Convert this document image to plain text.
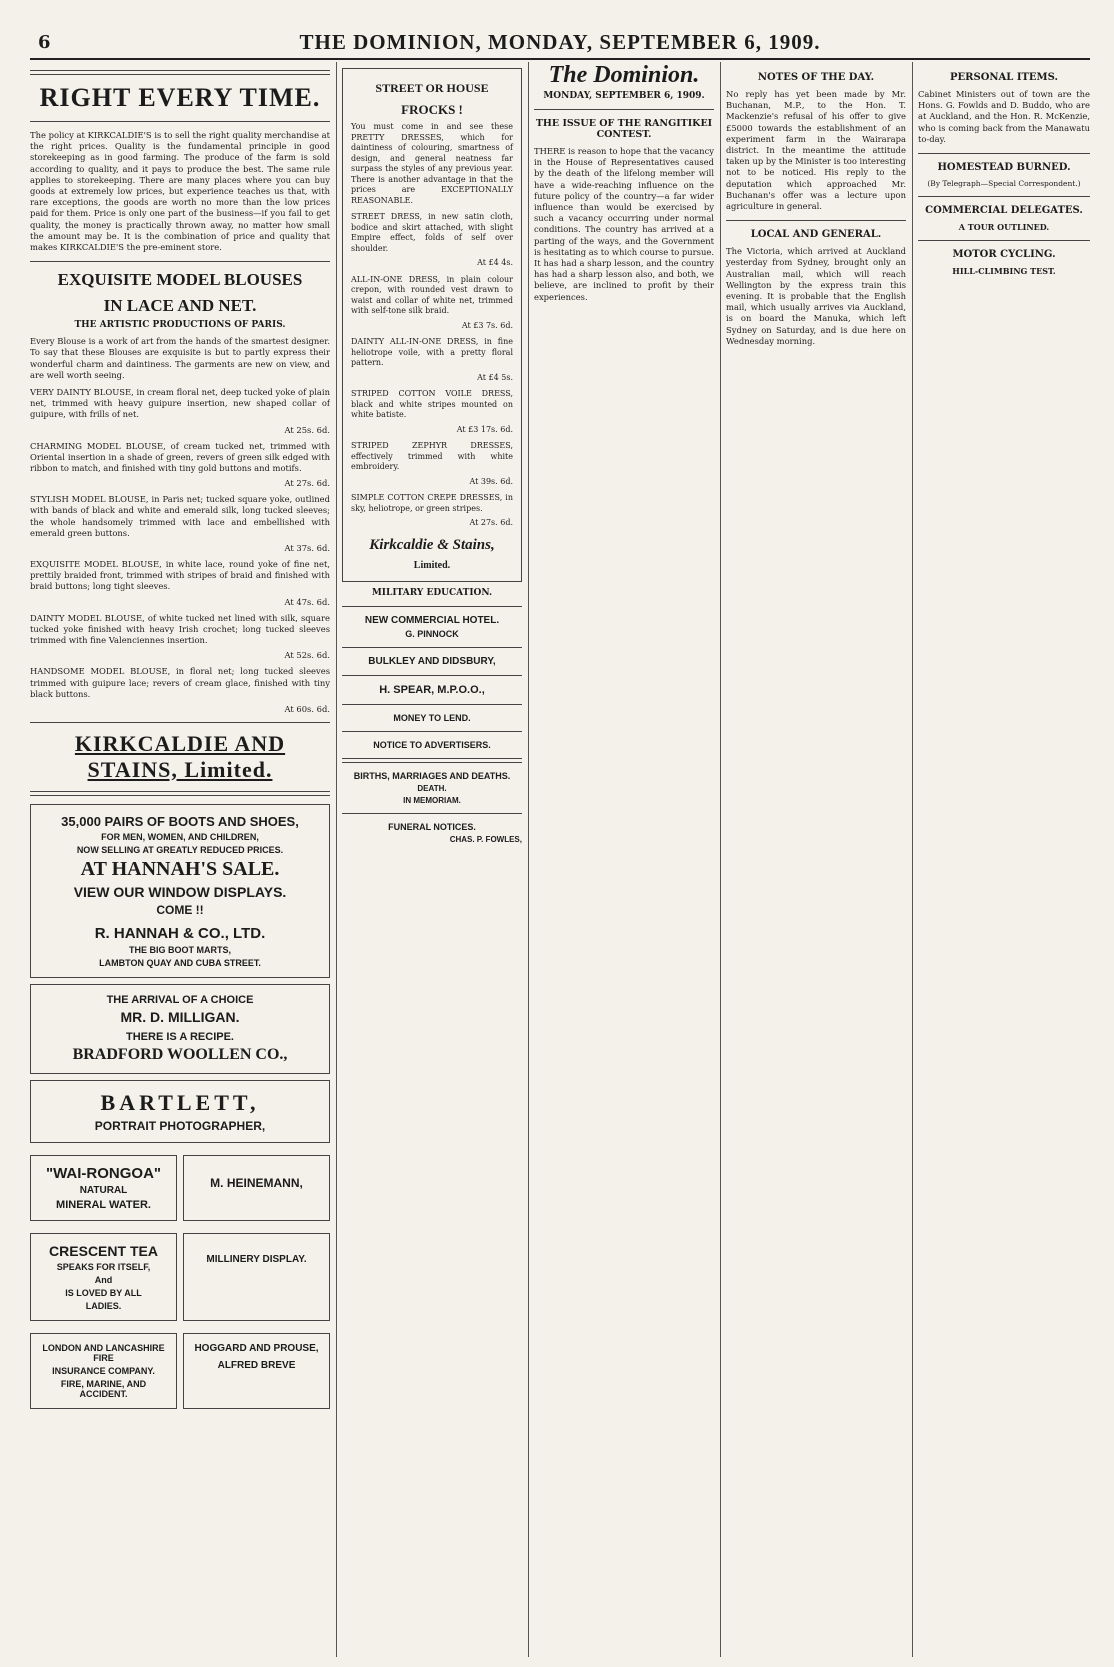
6	THE DOMINION, MONDAY, SEPTEMBER 6, 1909.
RIGHT EVERY TIME.

The policy at KIRKCALDIE'S is to sell the right quality merchandise at the right prices. Quality is the fundamental principle in good storekeeping as in good farming. The produce of the farm is sold according to quality, and it pays to produce the best. The same rule applies to storekeeping. There are many places where you can buy goods at extremely low prices, but experience teaches us that, with rare exceptions, the goods are worth no more than the low prices paid for them. Price is only one part of the business—if you fail to get quality, the money is practically thrown away, no matter how small the amount may be. It is the combination of price and quality that makes KIRKCALDIE'S the pre-eminent store.

EXQUISITE MODEL BLOUSES
IN LACE AND NET.
THE ARTISTIC PRODUCTIONS OF PARIS.

Every Blouse is a work of art from the hands of the smartest designer. To say that these Blouses are exquisite is but to partly express their wonderful charm and daintiness. The garments are new on view, and are well worth seeing.

VERY DAINTY BLOUSE, in cream floral net, deep tucked yoke of plain net, trimmed with heavy guipure insertion, new shaped collar of guipure, with frills of net.

At 25s. 6d.

CHARMING MODEL BLOUSE, of cream tucked net, trimmed with Oriental insertion in a shade of green, revers of green silk edged with ribbon to match, and finished with tiny gold buttons and motifs.

At 27s. 6d.

STYLISH MODEL BLOUSE, in Paris net; tucked square yoke, outlined with bands of black and white and emerald silk, long tucked sleeves; the whole handsomely trimmed with lace and embellished with emerald green buttons.

At 37s. 6d.

EXQUISITE MODEL BLOUSE, in white lace, round yoke of fine net, prettily braided front, trimmed with stripes of braid and finished with braid buttons; long tight sleeves.

At 47s. 6d.

DAINTY MODEL BLOUSE, of white tucked net lined with silk, square tucked yoke finished with heavy Irish crochet; long tucked sleeves trimmed with fine Valenciennes insertion.

At 52s. 6d.

HANDSOME MODEL BLOUSE, in floral net; long tucked sleeves trimmed with guipure lace; revers of cream glace, finished with tiny black buttons.

At 60s. 6d.
KIRKCALDIE AND STAINS, Limited.
35,000 PAIRS OF BOOTS AND SHOES,
FOR MEN, WOMEN, AND CHILDREN,
NOW SELLING AT GREATLY REDUCED PRICES.
AT HANNAH'S SALE.
VIEW OUR WINDOW DISPLAYS.
COME !!
R. HANNAH & CO., LTD.
THE BIG BOOT MARTS,
LAMBTON QUAY AND CUBA STREET.
THE ARRIVAL OF A CHOICE
MR. D. MILLIGAN.
THERE IS A RECIPE.
BRADFORD WOOLLEN CO.,
BARTLETT,
PORTRAIT PHOTOGRAPHER,
"WAI-RONGOA"
NATURAL
MINERAL WATER.
M. HEINEMANN,
CRESCENT TEA
SPEAKS FOR ITSELF,
And
IS LOVED BY ALL
LADIES.
MILLINERY DISPLAY.
LONDON AND LANCASHIRE FIRE
INSURANCE COMPANY.
FIRE, MARINE, AND ACCIDENT.
HOGGARD AND PROUSE,
ALFRED BREVE
STREET OR HOUSE
FROCKS !

You must come in and see these PRETTY DRESSES, which for daintiness of colouring, smartness of design, and general neatness far surpass the styles of any previous year. There is another advantage in that the prices are EXCEPTIONALLY REASONABLE.

STREET DRESS, in new satin cloth, bodice and skirt attached, with slight Empire effect, folds of self over shoulder.

At £4 4s.

ALL-IN-ONE DRESS, in plain colour crepon, with rounded vest drawn to waist and collar of white net, trimmed with self-tone silk braid.

At £3 7s. 6d.

DAINTY ALL-IN-ONE DRESS, in fine heliotrope voile, with a pretty floral pattern.

At £4 5s.

STRIPED COTTON VOILE DRESS, black and white stripes mounted on white batiste.

At £3 17s. 6d.

STRIPED ZEPHYR DRESSES, effectively trimmed with white embroidery.

At 39s. 6d.

SIMPLE COTTON CREPE DRESSES, in sky, heliotrope, or green stripes.

At 27s. 6d.
Kirkcaldie & Stains,
Limited.
MILITARY EDUCATION.
NEW COMMERCIAL HOTEL.
G. PINNOCK
BULKLEY AND DIDSBURY,
H. SPEAR, M.P.O.O.,
MONEY TO LEND.
NOTICE TO ADVERTISERS.
BIRTHS, MARRIAGES AND DEATHS.
DEATH.
IN MEMORIAM.
FUNERAL NOTICES.
CHAS. P. FOWLES,
The Dominion.
MONDAY, SEPTEMBER 6, 1909.
THE ISSUE OF THE RANGITIKEI CONTEST.

THERE is reason to hope that the vacancy in the House of Representatives caused by the death of the lifelong member will have a wide-reaching influence on the future policy of the country—a far wider influence than would be exercised by such a vacancy occurring under normal conditions. The country has arrived at a parting of the ways, and the Government is hesitating as to which course to pursue. It has had a sharp lesson, and the country has had a sharp lesson also, and both, we believe, are inclined to profit by their experiences.

NOTES OF THE DAY.

No reply has yet been made by Mr. Buchanan, M.P., to the Hon. T. Mackenzie's refusal of his offer to give £5000 towards the establishment of an experiment farm in the Wairarapa district. In the meantime the attitude taken up by the Minister is too interesting not to be noticed. His reply to the deputation which approached Mr. Buchanan's offer was a lecture upon agriculture in general.

LOCAL AND GENERAL.

The Victoria, which arrived at Auckland yesterday from Sydney, brought only an Australian mail, which will reach Wellington by the express train this evening. It is probable that the English mail, which usually arrives via Auckland, is on board the Manuka, which left Sydney on Saturday, and is due here on Wednesday morning.

PERSONAL ITEMS.

Cabinet Ministers out of town are the Hons. G. Fowlds and D. Buddo, who are at Auckland, and the Hon. R. McKenzie, who is coming back from the Manawatu to-day.

HOMESTEAD BURNED.
(By Telegraph—Special Correspondent.)
COMMERCIAL DELEGATES.
A TOUR OUTLINED.
MOTOR CYCLING.
HILL-CLIMBING TEST.
